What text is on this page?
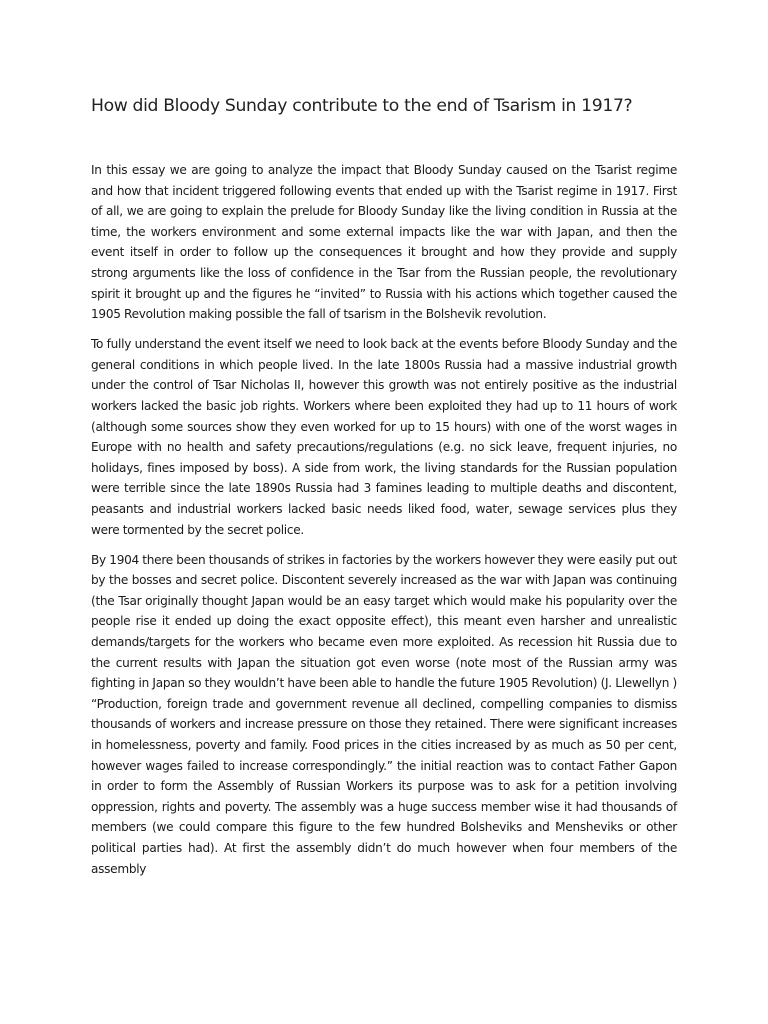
How did Bloody Sunday contribute to the end of Tsarism in 1917?

In this essay we are going to analyze the impact that Bloody Sunday caused on the Tsarist regime and how that incident triggered following events that ended up with the Tsarist regime in 1917. First of all, we are going to explain the prelude for Bloody Sunday like the living condition in Russia at the time, the workers environment and some external impacts like the war with Japan, and then the event itself in order to follow up the consequences it brought and how they provide and supply strong arguments like the loss of confidence in the Tsar from the Russian people, the revolutionary spirit it brought up and the figures he “invited” to Russia with his actions which together caused the 1905 Revolution making possible the fall of tsarism in the Bolshevik revolution.

To fully understand the event itself we need to look back at the events before Bloody Sunday and the general conditions in which people lived. In the late 1800s Russia had a massive industrial growth under the control of Tsar Nicholas II, however this growth was not entirely positive as the industrial workers lacked the basic job rights. Workers where been exploited they had up to 11 hours of work (although some sources show they even worked for up to 15 hours) with one of the worst wages in Europe with no health and safety precautions/regulations (e.g. no sick leave, frequent injuries, no holidays, fines imposed by boss). A side from work, the living standards for the Russian population were terrible since the late 1890s Russia had 3 famines leading to multiple deaths and discontent, peasants and industrial workers lacked basic needs liked food, water, sewage services plus they were tormented by the secret police.

By 1904 there been thousands of strikes in factories by the workers however they were easily put out by the bosses and secret police. Discontent severely increased as the war with Japan was continuing (the Tsar originally thought Japan would be an easy target which would make his popularity over the people rise it ended up doing the exact opposite effect), this meant even harsher and unrealistic demands/targets for the workers who became even more exploited. As recession hit Russia due to the current results with Japan the situation got even worse (note most of the Russian army was fighting in Japan so they wouldn’t have been able to handle the future 1905 Revolution) (J. Llewellyn ) “Production, foreign trade and government revenue all declined, compelling companies to dismiss thousands of workers and increase pressure on those they retained. There were significant increases in homelessness, poverty and family. Food prices in the cities increased by as much as 50 per cent, however wages failed to increase correspondingly.” the initial reaction was to contact Father Gapon in order to form the Assembly of Russian Workers its purpose was to ask for a petition involving oppression, rights and poverty. The assembly was a huge success member wise it had thousands of members (we could compare this figure to the few hundred Bolsheviks and Mensheviks or other political parties had). At first the assembly didn’t do much however when four members of the assembly
